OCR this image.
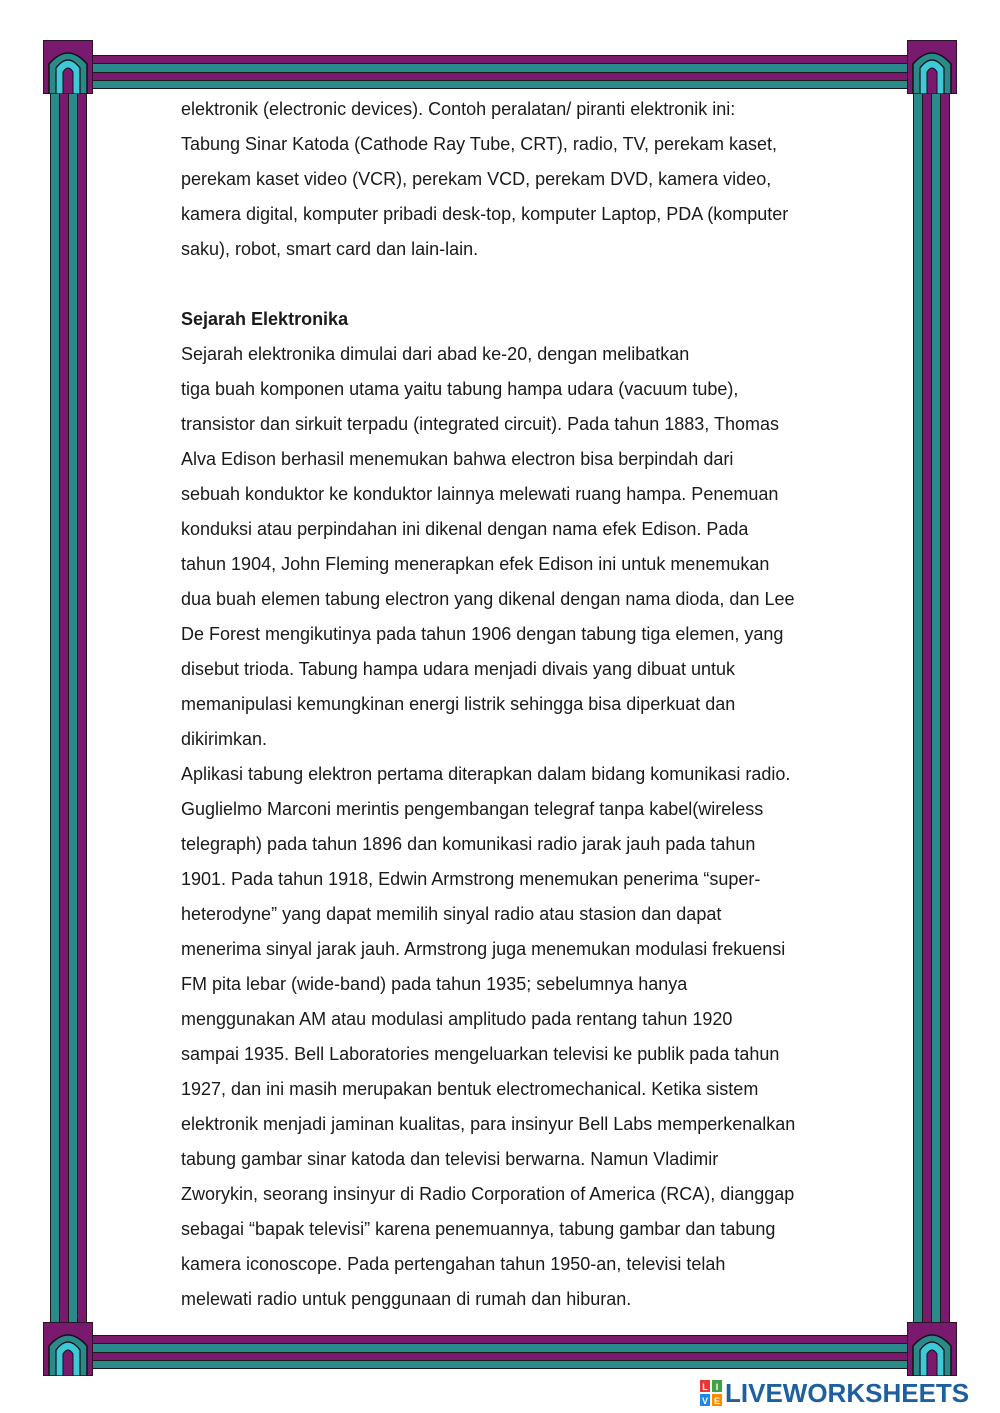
elektronik (electronic devices). Contoh peralatan/ piranti elektronik ini:
Tabung Sinar Katoda (Cathode Ray Tube, CRT), radio, TV, perekam kaset,
perekam kaset video (VCR), perekam VCD, perekam DVD, kamera video,
kamera digital, komputer pribadi desk-top, komputer Laptop, PDA (komputer
saku), robot, smart card dan lain-lain.
Sejarah Elektronika
Sejarah elektronika dimulai dari abad ke-20, dengan melibatkan
tiga buah komponen utama yaitu tabung hampa udara (vacuum tube),
transistor dan sirkuit terpadu (integrated circuit). Pada tahun 1883, Thomas
Alva Edison berhasil menemukan bahwa electron bisa berpindah dari
sebuah konduktor ke konduktor lainnya melewati ruang hampa. Penemuan
konduksi atau perpindahan ini dikenal dengan nama efek Edison. Pada
tahun 1904, John Fleming menerapkan efek Edison ini untuk menemukan
dua buah elemen tabung electron yang dikenal dengan nama dioda, dan Lee
De Forest mengikutinya pada tahun 1906 dengan tabung tiga elemen, yang
disebut trioda. Tabung hampa udara menjadi divais yang dibuat untuk
memanipulasi kemungkinan energi listrik sehingga bisa diperkuat dan
dikirimkan.
Aplikasi tabung elektron pertama diterapkan dalam bidang komunikasi radio.
Guglielmo Marconi merintis pengembangan telegraf tanpa kabel(wireless
telegraph) pada tahun 1896 dan komunikasi radio jarak jauh pada tahun
1901. Pada tahun 1918, Edwin Armstrong menemukan penerima “super-
heterodyne” yang dapat memilih sinyal radio atau stasion dan dapat
menerima sinyal jarak jauh. Armstrong juga menemukan modulasi frekuensi
FM pita lebar (wide-band) pada tahun 1935; sebelumnya hanya
menggunakan AM atau modulasi amplitudo pada rentang tahun 1920
sampai 1935. Bell Laboratories mengeluarkan televisi ke publik pada tahun
1927, dan ini masih merupakan bentuk electromechanical. Ketika sistem
elektronik menjadi jaminan kualitas, para insinyur Bell Labs memperkenalkan
tabung gambar sinar katoda dan televisi berwarna. Namun Vladimir
Zworykin, seorang insinyur di Radio Corporation of America (RCA), dianggap
sebagai “bapak televisi” karena penemuannya, tabung gambar dan tabung
kamera iconoscope. Pada pertengahan tahun 1950-an, televisi telah
melewati radio untuk penggunaan di rumah dan hiburan.
L I
V E LIVEWORKSHEETS
